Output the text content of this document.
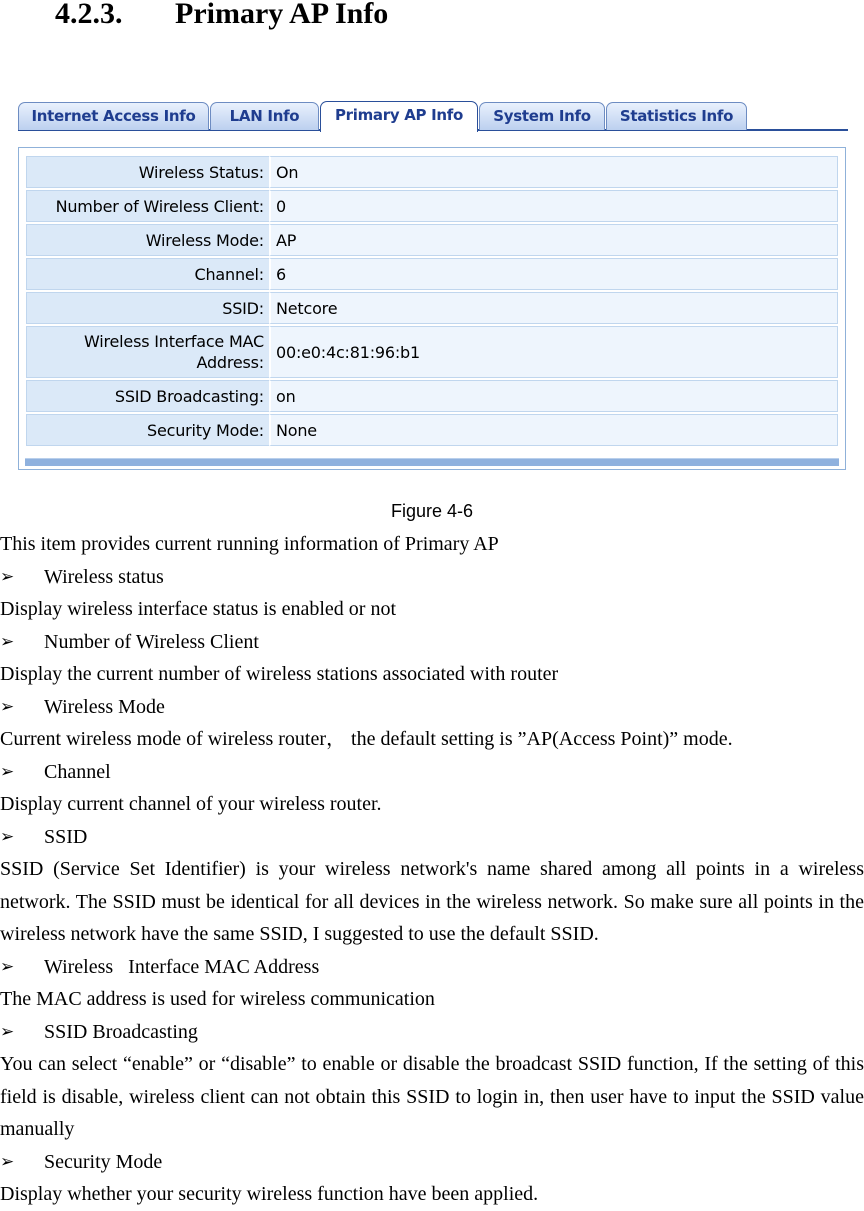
4.2.3. Primary AP Info
Internet Access Info	LAN Info	Primary AP Info	System Info	Statistics Info
Wireless Status:	On
Number of Wireless Client:	0
Wireless Mode:	AP
Channel:	6
SSID:	Netcore
Wireless Interface MAC Address:	00:e0:4c:81:96:b1
SSID Broadcasting:	on
Security Mode:	None
Figure 4-6

This item provides current running information of Primary AP

➢	Wireless status

Display wireless interface status is enabled or not

➢	Number of Wireless Client

Display the current number of wireless stations associated with router

➢	Wireless Mode

Current wireless mode of wireless router， the default setting is ”AP(Access Point)” mode.

➢	Channel

Display current channel of your wireless router.

➢	SSID

SSID (Service Set Identifier) is your wireless network's name shared among all points in a wireless network. The SSID must be identical for all devices in the wireless network. So make sure all points in the wireless network have the same SSID, I suggested to use the default SSID.

➢	Wireless   Interface MAC Address

The MAC address is used for wireless communication

➢	SSID Broadcasting

You can select “enable” or “disable” to enable or disable the broadcast SSID function, If the setting of this field is disable, wireless client can not obtain this SSID to login in, then user have to input the SSID value manually

➢	Security Mode

Display whether your security wireless function have been applied.
